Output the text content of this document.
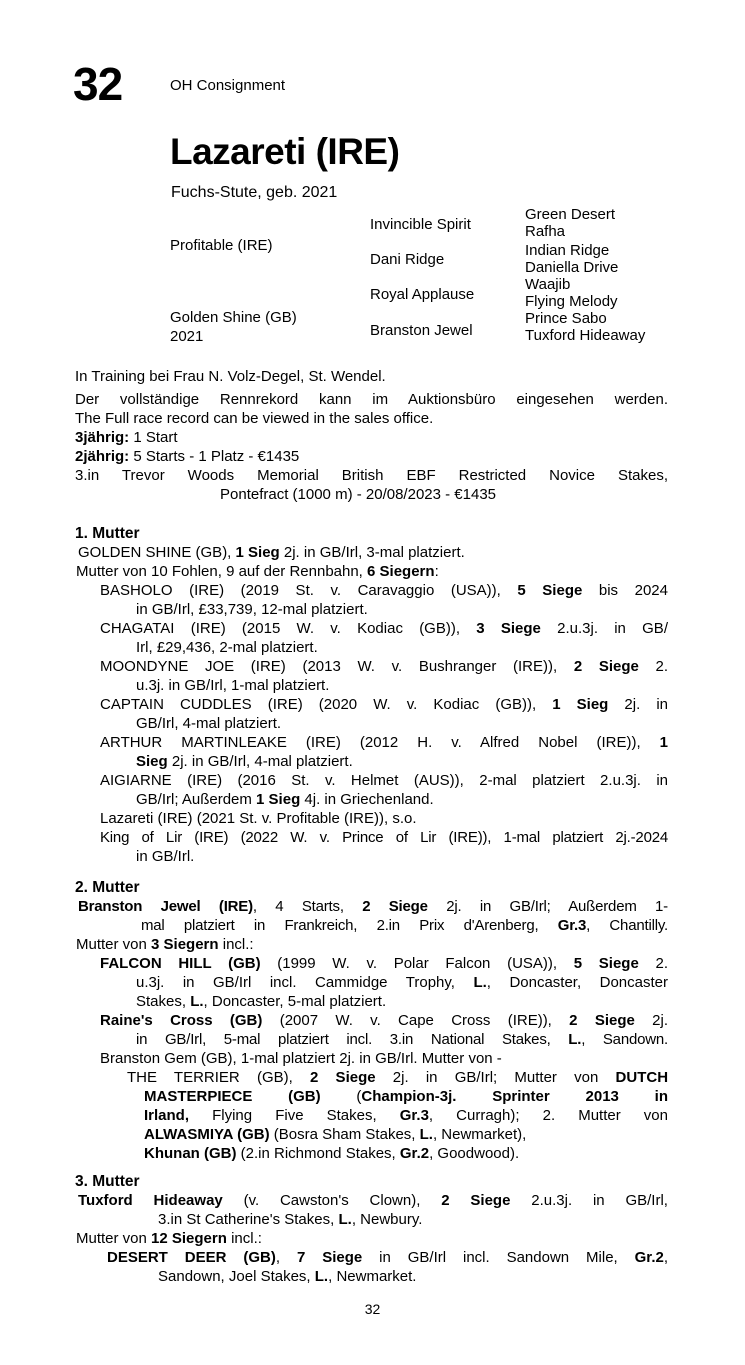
32	OH Consignment
Lazareti (IRE)
Fuchs-Stute, geb. 2021
Profitable (IRE)
Golden Shine (GB)
2021
Invincible Spirit
Dani Ridge
Royal Applause
Branston Jewel
Green Desert
Rafha
Indian Ridge
Daniella Drive
Waajib
Flying Melody
Prince Sabo
Tuxford Hideaway
In Training bei Frau N. Volz-Degel, St. Wendel.
Der vollständige Rennrekord kann im Auktionsbüro eingesehen werden.
The Full race record can be viewed in the sales office.
3jährig: 1 Start
2jährig: 5 Starts - 1 Platz - €1435
3.in Trevor Woods Memorial British EBF Restricted Novice Stakes,
Pontefract (1000 m) - 20/08/2023 - €1435
1. Mutter
GOLDEN SHINE (GB), 1 Sieg 2j. in GB/Irl, 3-mal platziert.
Mutter von 10 Fohlen, 9 auf der Rennbahn, 6 Siegern:
BASHOLO (IRE) (2019 St. v. Caravaggio (USA)), 5 Siege bis 2024
in GB/Irl, £33,739, 12-mal platziert.
CHAGATAI (IRE) (2015 W. v. Kodiac (GB)), 3 Siege 2.u.3j. in GB/
Irl, £29,436, 2-mal platziert.
MOONDYNE JOE (IRE) (2013 W. v. Bushranger (IRE)), 2 Siege 2.
u.3j. in GB/Irl, 1-mal platziert.
CAPTAIN CUDDLES (IRE) (2020 W. v. Kodiac (GB)), 1 Sieg 2j. in
GB/Irl, 4-mal platziert.
ARTHUR MARTINLEAKE (IRE) (2012 H. v. Alfred Nobel (IRE)), 1
Sieg 2j. in GB/Irl, 4-mal platziert.
AIGIARNE (IRE) (2016 St. v. Helmet (AUS)), 2-mal platziert 2.u.3j. in
GB/Irl; Außerdem 1 Sieg 4j. in Griechenland.
Lazareti (IRE) (2021 St. v. Profitable (IRE)), s.o.
King of Lir (IRE) (2022 W. v. Prince of Lir (IRE)), 1-mal platziert 2j.-2024
in GB/Irl.
2. Mutter
Branston Jewel (IRE), 4 Starts, 2 Siege 2j. in GB/Irl; Außerdem 1-
mal platziert in Frankreich, 2.in Prix d'Arenberg, Gr.3, Chantilly.
Mutter von 3 Siegern incl.:
FALCON HILL (GB) (1999 W. v. Polar Falcon (USA)), 5 Siege 2.
u.3j. in GB/Irl incl. Cammidge Trophy, L., Doncaster, Doncaster
Stakes, L., Doncaster, 5-mal platziert.
Raine's Cross (GB) (2007 W. v. Cape Cross (IRE)), 2 Siege 2j.
in GB/Irl, 5-mal platziert incl. 3.in National Stakes, L., Sandown.
Branston Gem (GB), 1-mal platziert 2j. in GB/Irl. Mutter von -
THE TERRIER (GB), 2 Siege 2j. in GB/Irl; Mutter von DUTCH
MASTERPIECE (GB) (Champion-3j. Sprinter 2013 in
Irland, Flying Five Stakes, Gr.3, Curragh); 2. Mutter von
ALWASMIYA (GB) (Bosra Sham Stakes, L., Newmarket),
Khunan (GB) (2.in Richmond Stakes, Gr.2, Goodwood).
3. Mutter
Tuxford Hideaway (v. Cawston's Clown), 2 Siege 2.u.3j. in GB/Irl,
3.in St Catherine's Stakes, L., Newbury.
Mutter von 12 Siegern incl.:
DESERT DEER (GB), 7 Siege in GB/Irl incl. Sandown Mile, Gr.2,
Sandown, Joel Stakes, L., Newmarket.
32
